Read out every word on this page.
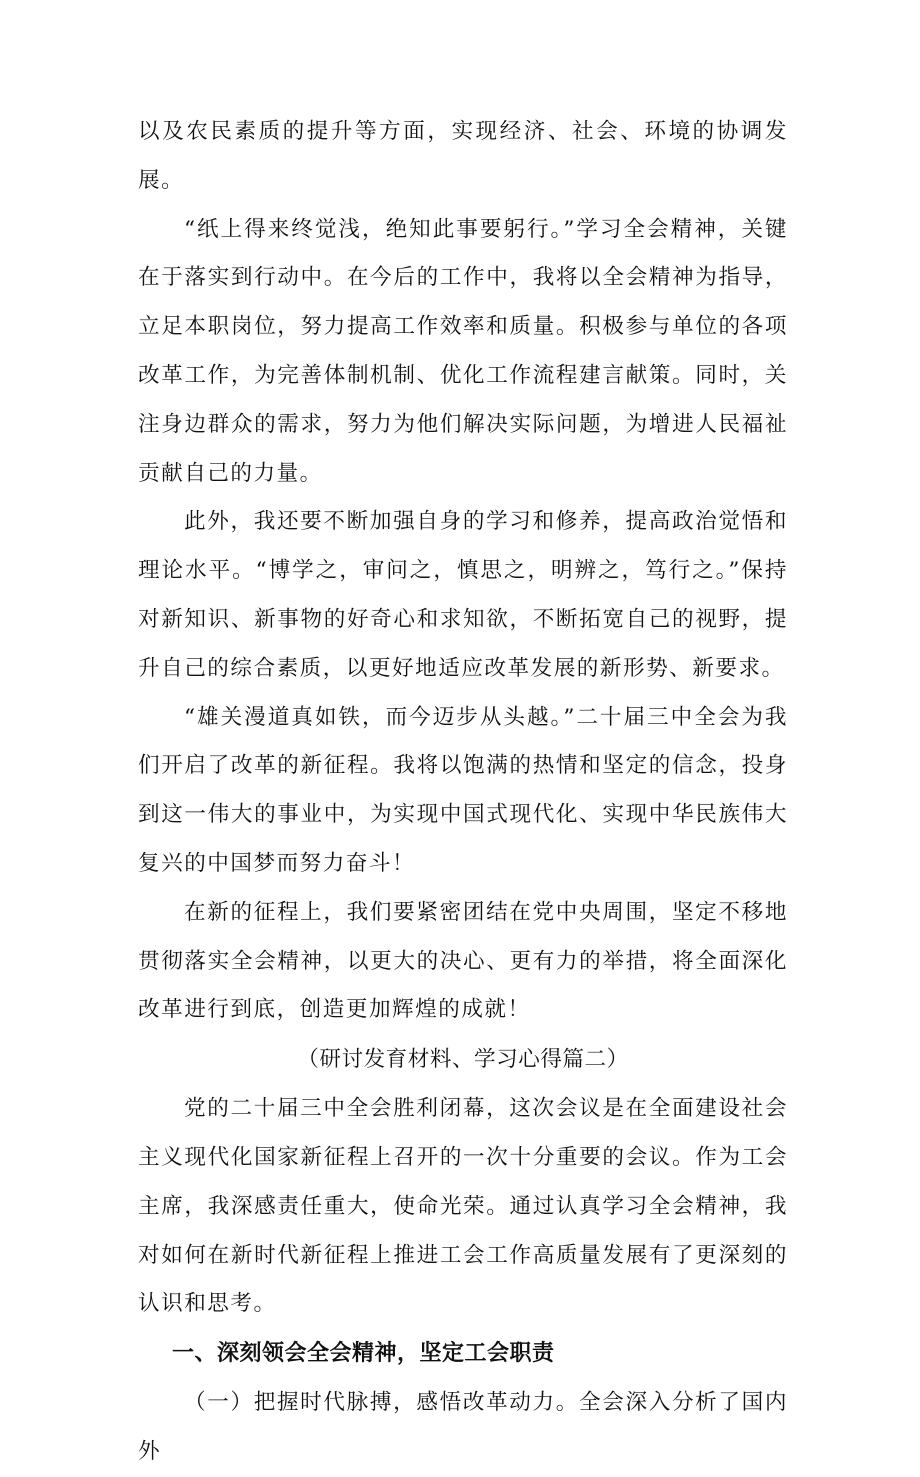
以及农民素质的提升等方面，实现经济、社会、环境的协调发展。

“纸上得来终觉浅，绝知此事要躬行。”学习全会精神，关键在于落实到行动中。在今后的工作中，我将以全会精神为指导，立足本职岗位，努力提高工作效率和质量。积极参与单位的各项改革工作，为完善体制机制、优化工作流程建言献策。同时，关注身边群众的需求，努力为他们解决实际问题，为增进人民福祉贡献自己的力量。

此外，我还要不断加强自身的学习和修养，提高政治觉悟和理论水平。“博学之，审问之，慎思之，明辨之，笃行之。”保持对新知识、新事物的好奇心和求知欲，不断拓宽自己的视野，提升自己的综合素质，以更好地适应改革发展的新形势、新要求。

“雄关漫道真如铁，而今迈步从头越。”二十届三中全会为我们开启了改革的新征程。我将以饱满的热情和坚定的信念，投身到这一伟大的事业中，为实现中国式现代化、实现中华民族伟大复兴的中国梦而努力奋斗！

在新的征程上，我们要紧密团结在党中央周围，坚定不移地贯彻落实全会精神，以更大的决心、更有力的举措，将全面深化改革进行到底，创造更加辉煌的成就！

（研讨发育材料、学习心得篇二）

党的二十届三中全会胜利闭幕，这次会议是在全面建设社会主义现代化国家新征程上召开的一次十分重要的会议。作为工会主席，我深感责任重大，使命光荣。通过认真学习全会精神，我对如何在新时代新征程上推进工会工作高质量发展有了更深刻的认识和思考。

一、深刻领会全会精神，坚定工会职责

（一）把握时代脉搏，感悟改革动力。全会深入分析了国内外
